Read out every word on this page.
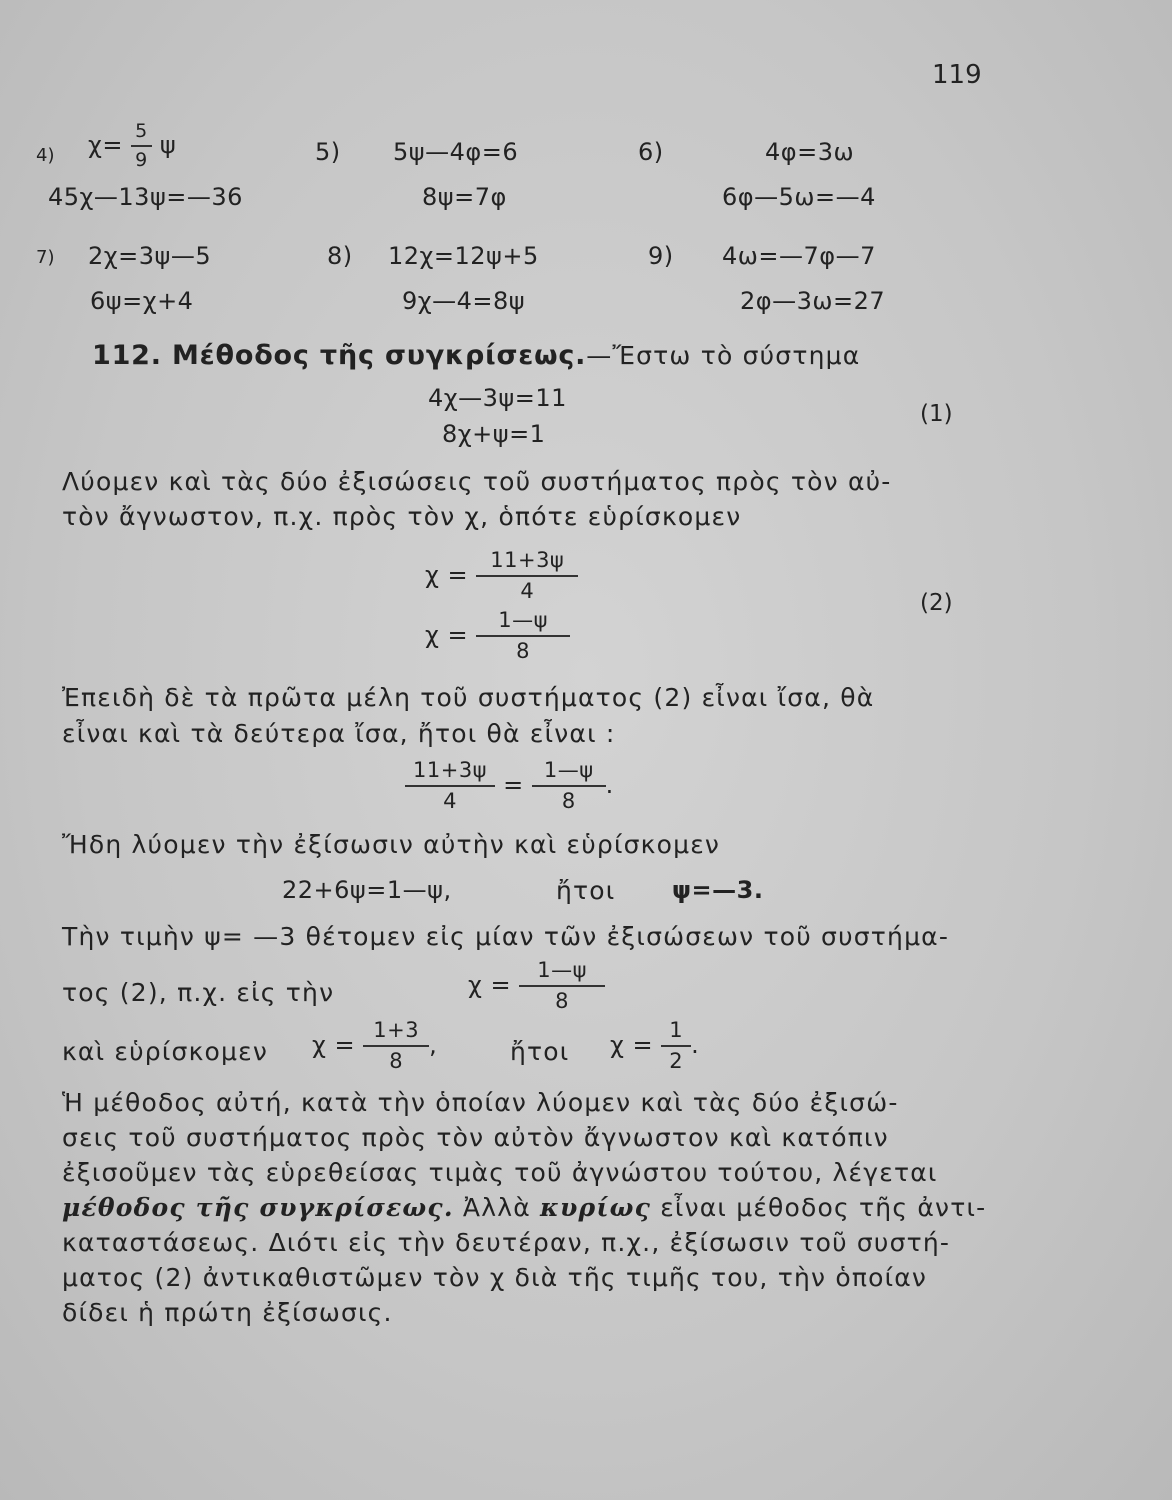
119
4) $\chi= \frac{5}{9}$ ψ
45χ—13ψ=—36
5) 5ψ—4φ=6
8ψ=7φ
6)	4φ=3ω
6φ—5ω=—4
7) 2χ=3ψ—5
6ψ=χ+4
8) 12χ=12ψ+5
9χ—4=8ψ
9) 4ω=—7φ—7
2φ—3ω=27
112. Μέθοδος τῆς συγκρίσεως.—Ἔστω τὸ σύστημα
4χ—3ψ=11
8χ+ψ=1
(1)
Λύομεν καὶ τὰς δύο ἐξισώσεις τοῦ συστήματος πρὸς τὸν αὐ-
τὸν ἄγνωστον, π.χ. πρὸς τὸν χ, ὁπότε εὑρίσκομεν
$\chi = \frac{11+3\psi}{4}$
$\chi = \frac{1—\psi}{8}$
(2)
Ἐπειδὴ δὲ τὰ πρῶτα μέλη τοῦ συστήματος (2) εἶναι ἴσα, θὰ
εἶναι καὶ τὰ δεύτερα ἴσα, ἤτοι θὰ εἶναι :
$\frac{11+3\psi}{4} = \frac{1—\psi}{8}$ .
Ἤδη λύομεν τὴν ἐξίσωσιν αὐτὴν καὶ εὑρίσκομεν
22+6ψ=1—ψ,	ἤτοι ψ=—3.
Τὴν τιμὴν ψ= —3 θέτομεν εἰς μίαν τῶν ἐξισώσεων τοῦ συστήμα-
τος (2), π.χ. εἰς τὴν	$\chi = \frac{1—\psi}{8}$
καὶ εὑρίσκομεν $\chi = \frac{1+3}{8}$ ,	ἤτοι $\chi = \frac{1}{2}$ .
Ἡ μέθοδος αὐτή, κατὰ τὴν ὁποίαν λύομεν καὶ τὰς δύο ἐξισώ-
σεις τοῦ συστήματος πρὸς τὸν αὐτὸν ἄγνωστον καὶ κατόπιν
ἐξισοῦμεν τὰς εὑρεθείσας τιμὰς τοῦ ἀγνώστου τούτου, λέγεται
μέθοδος τῆς συγκρίσεως. Ἀλλὰ κυρίως εἶναι μέθοδος τῆς ἀντι-
καταστάσεως. Διότι εἰς τὴν δευτέραν, π.χ., ἐξίσωσιν τοῦ συστή-
ματος (2) ἀντικαθιστῶμεν τὸν χ διὰ τῆς τιμῆς του, τὴν ὁποίαν
δίδει ἡ πρώτη ἐξίσωσις.
